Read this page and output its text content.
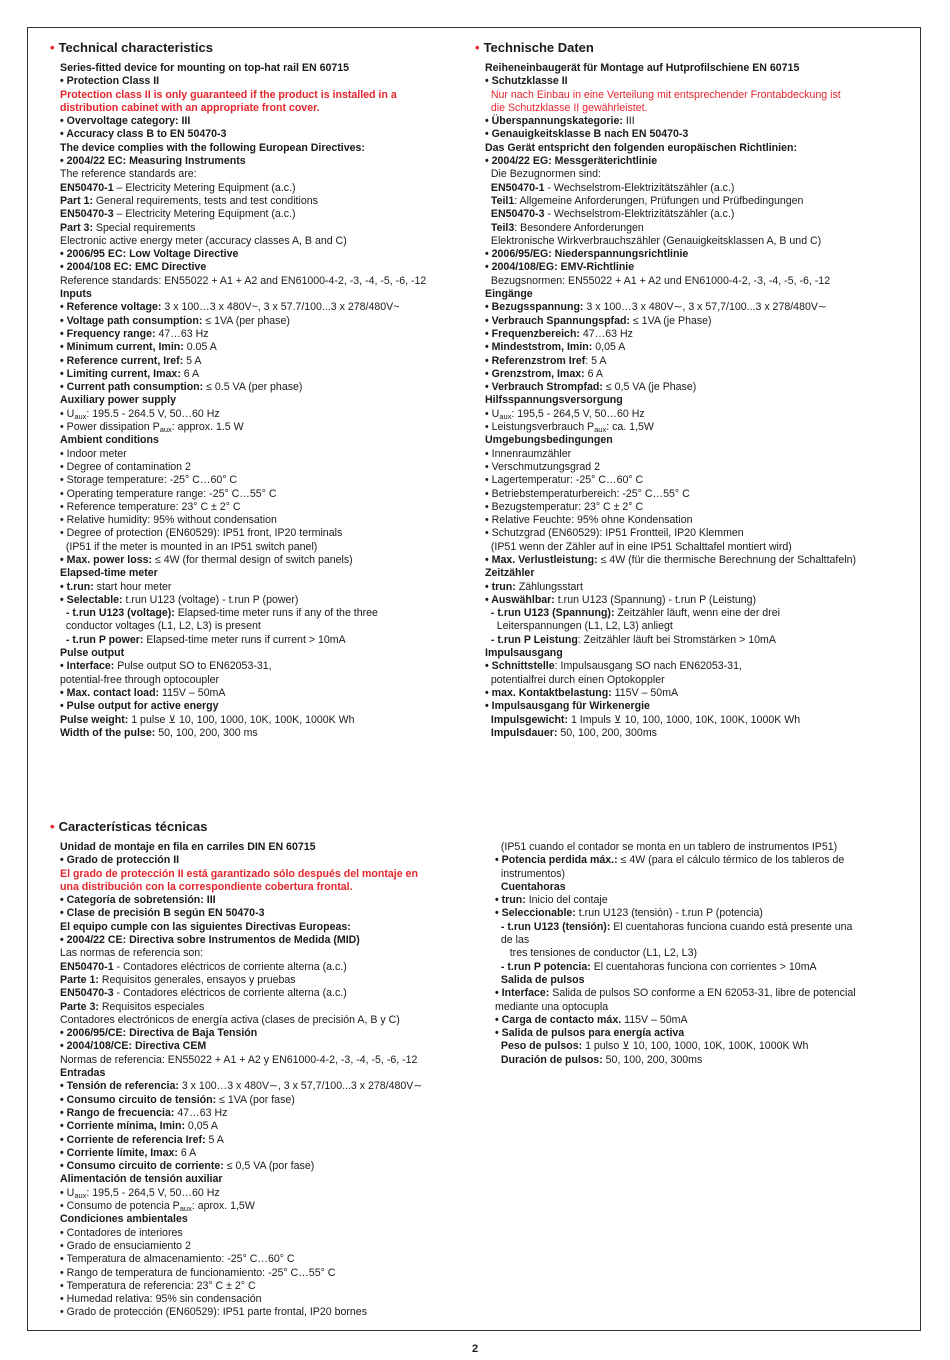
• Technical characteristics
Series-fitted device for mounting on top-hat rail EN 60715
• Protection Class II
Protection class II is only guaranteed if the product is installed in a
distribution cabinet with an appropriate front cover.
• Overvoltage category: III
• Accuracy class B to EN 50470-3
The device complies with the following European Directives:
• 2004/22 EC: Measuring Instruments
The reference standards are:
EN50470-1 – Electricity Metering Equipment (a.c.)
Part 1: General requirements, tests and test conditions
EN50470-3 – Electricity Metering Equipment (a.c.)
Part 3: Special requirements
Electronic active energy meter (accuracy classes A, B and C)
• 2006/95 EC: Low Voltage Directive
• 2004/108 EC: EMC Directive
Reference standards: EN55022 + A1 + A2 and EN61000-4-2, -3, -4, -5, -6, -12
Inputs
• Reference voltage: 3 x 100…3 x 480V~, 3 x 57.7/100...3 x 278/480V~
• Voltage path consumption: ≤ 1VA (per phase)
• Frequency range: 47…63 Hz
• Minimum current, Imin: 0.05 A
• Reference current, Iref: 5 A
• Limiting current, Imax: 6 A
• Current path consumption: ≤ 0.5 VA (per phase)
Auxiliary power supply
• $U_{aux}$: 195.5 - 264.5 V, 50…60 Hz
• Power dissipation $P_{aux}$: approx. 1.5 W
Ambient conditions
• Indoor meter
• Degree of contamination 2
• Storage temperature: -25° C…60° C
• Operating temperature range: -25° C…55° C
• Reference temperature: 23° C ± 2° C
• Relative humidity: 95% without condensation
• Degree of protection (EN60529): IP51 front, IP20 terminals
(IP51 if the meter is mounted in an IP51 switch panel)
• Max. power loss: ≤ 4W (for thermal design of switch panels)
Elapsed-time meter
• t.run: start hour meter
• Selectable: t.run U123 (voltage) - t.run P (power)
- t.run U123 (voltage): Elapsed-time meter runs if any of the three
conductor voltages (L1, L2, L3) is present
- t.run P power: Elapsed-time meter runs if current > 10mA
Pulse output
• Interface: Pulse output SO to EN62053-31,
potential-free through optocoupler
• Max. contact load: 115V – 50mA
• Pulse output for active energy
Pulse weight: 1 pulse ⊻ 10, 100, 1000, 10K, 100K, 1000K Wh
Width of the pulse: 50, 100, 200, 300 ms
• Technische Daten
Reiheneinbaugerät für Montage auf Hutprofilschiene EN 60715
• Schutzklasse II
Nur nach Einbau in eine Verteilung mit entsprechender Frontabdeckung ist
die Schutzklasse II gewährleistet.
• Überspannungskategorie: III
• Genauigkeitsklasse B nach EN 50470-3
Das Gerät entspricht den folgenden europäischen Richtlinien:
• 2004/22 EG: Messgeräterichtlinie
Die Bezugnormen sind:
EN50470-1 - Wechselstrom-Elektrizitätszähler (a.c.)
Teil1: Allgemeine Anforderungen, Prüfungen und Prüfbedingungen
EN50470-3 - Wechselstrom-Elektrizitätszähler (a.c.)
Teil3: Besondere Anforderungen
Elektronische Wirkverbrauchszähler (Genauigkeitsklassen A, B und C)
• 2006/95/EG: Niederspannungsrichtlinie
• 2004/108/EG: EMV-Richtlinie
Bezugsnormen: EN55022 + A1 + A2 und EN61000-4-2, -3, -4, -5, -6, -12
Eingänge
• Bezugsspannung: 3 x 100…3 x 480V∼, 3 x 57,7/100...3 x 278/480V∼
• Verbrauch Spannungspfad: ≤ 1VA (je Phase)
• Frequenzbereich: 47…63 Hz
• Mindeststrom, Imin: 0,05 A
• Referenzstrom Iref: 5 A
• Grenzstrom, Imax: 6 A
• Verbrauch Strompfad: ≤ 0,5 VA (je Phase)
Hilfsspannungsversorgung
• $U_{aux}$: 195,5 - 264,5 V, 50…60 Hz
• Leistungsverbrauch $P_{aux}$: ca. 1,5W
Umgebungsbedingungen
• Innenraumzähler
• Verschmutzungsgrad 2
• Lagertemperatur: -25° C…60° C
• Betriebstemperaturbereich: -25° C…55° C
• Bezugstemperatur: 23° C ± 2° C
• Relative Feuchte: 95% ohne Kondensation
• Schutzgrad (EN60529): IP51 Frontteil, IP20 Klemmen
(IP51 wenn der Zähler auf in eine IP51 Schalttafel montiert wird)
• Max. Verlustleistung: ≤ 4W (für die thermische Berechnung der Schalttafeln)
Zeitzähler
• trun: Zählungsstart
• Auswählbar: t.run U123 (Spannung) - t.run P (Leistung)
- t.run U123 (Spannung): Zeitzähler läuft, wenn eine der drei
Leiterspannungen (L1, L2, L3) anliegt
- t.run P Leistung: Zeitzähler läuft bei Stromstärken > 10mA
Impulsausgang
• Schnittstelle: Impulsausgang SO nach EN62053-31,
potentialfrei durch einen Optokoppler
• max. Kontaktbelastung: 115V – 50mA
• Impulsausgang für Wirkenergie
Impulsgewicht: 1 Impuls ⊻ 10, 100, 1000, 10K, 100K, 1000K Wh
Impulsdauer: 50, 100, 200, 300ms
• Características técnicas
Unidad de montaje en fila en carriles DIN EN 60715
• Grado de protección II
El grado de protección II está garantizado sólo después del montaje en
una distribución con la correspondiente cobertura frontal.
• Categoría de sobretensión: III
• Clase de precisión B según EN 50470-3
El equipo cumple con las siguientes Directivas Europeas:
• 2004/22 CE: Directiva sobre Instrumentos de Medida (MID)
Las normas de referencia son:
EN50470-1 - Contadores eléctricos de corriente alterna (a.c.)
Parte 1: Requisitos generales, ensayos y pruebas
EN50470-3 - Contadores eléctricos de corriente alterna (a.c.)
Parte 3: Requisitos especiales
Contadores electrónicos de energía activa (clases de precisión A, B y C)
• 2006/95/CE: Directiva de Baja Tensión
• 2004/108/CE: Directiva CEM
Normas de referencia: EN55022 + A1 + A2 y EN61000-4-2, -3, -4, -5, -6, -12
Entradas
• Tensión de referencia: 3 x 100…3 x 480V∼, 3 x 57,7/100...3 x 278/480V∼
• Consumo circuito de tensión: ≤ 1VA (por fase)
• Rango de frecuencia: 47…63 Hz
• Corriente mínima, Imin: 0,05 A
• Corriente de referencia Iref: 5 A
• Corriente límite, Imax: 6 A
• Consumo circuito de corriente: ≤ 0,5 VA (por fase)
Alimentación de tensión auxiliar
• $U_{aux}$: 195,5 - 264,5 V, 50…60 Hz
• Consumo de potencia $P_{aux}$: aprox. 1,5W
Condiciones ambientales
• Contadores de interiores
• Grado de ensuciamiento 2
• Temperatura de almacenamiento: -25° C…60° C
• Rango de temperatura de funcionamiento: -25° C…55° C
• Temperatura de referencia: 23° C ± 2° C
• Humedad relativa: 95% sin condensación
• Grado de protección (EN60529): IP51 parte frontal, IP20 bornes
(IP51 cuando el contador se monta en un tablero de instrumentos IP51)
• Potencia perdida máx.: ≤ 4W (para el cálculo térmico de los tableros de
instrumentos)
Cuentahoras
• trun: Inicio del contaje
• Seleccionable: t.run U123 (tensión) - t.run P (potencia)
- t.run U123 (tensión): El cuentahoras funciona cuando está presente una
de las
tres tensiones de conductor (L1, L2, L3)
- t.run P potencia: El cuentahoras funciona con corrientes > 10mA
Salida de pulsos
• Interface: Salida de pulsos SO conforme a EN 62053-31, libre de potencial
mediante una optocupla
• Carga de contacto máx. 115V – 50mA
• Salida de pulsos para energía activa
Peso de pulsos: 1 pulso ⊻ 10, 100, 1000, 10K, 100K, 1000K Wh
Duración de pulsos: 50, 100, 200, 300ms
2
